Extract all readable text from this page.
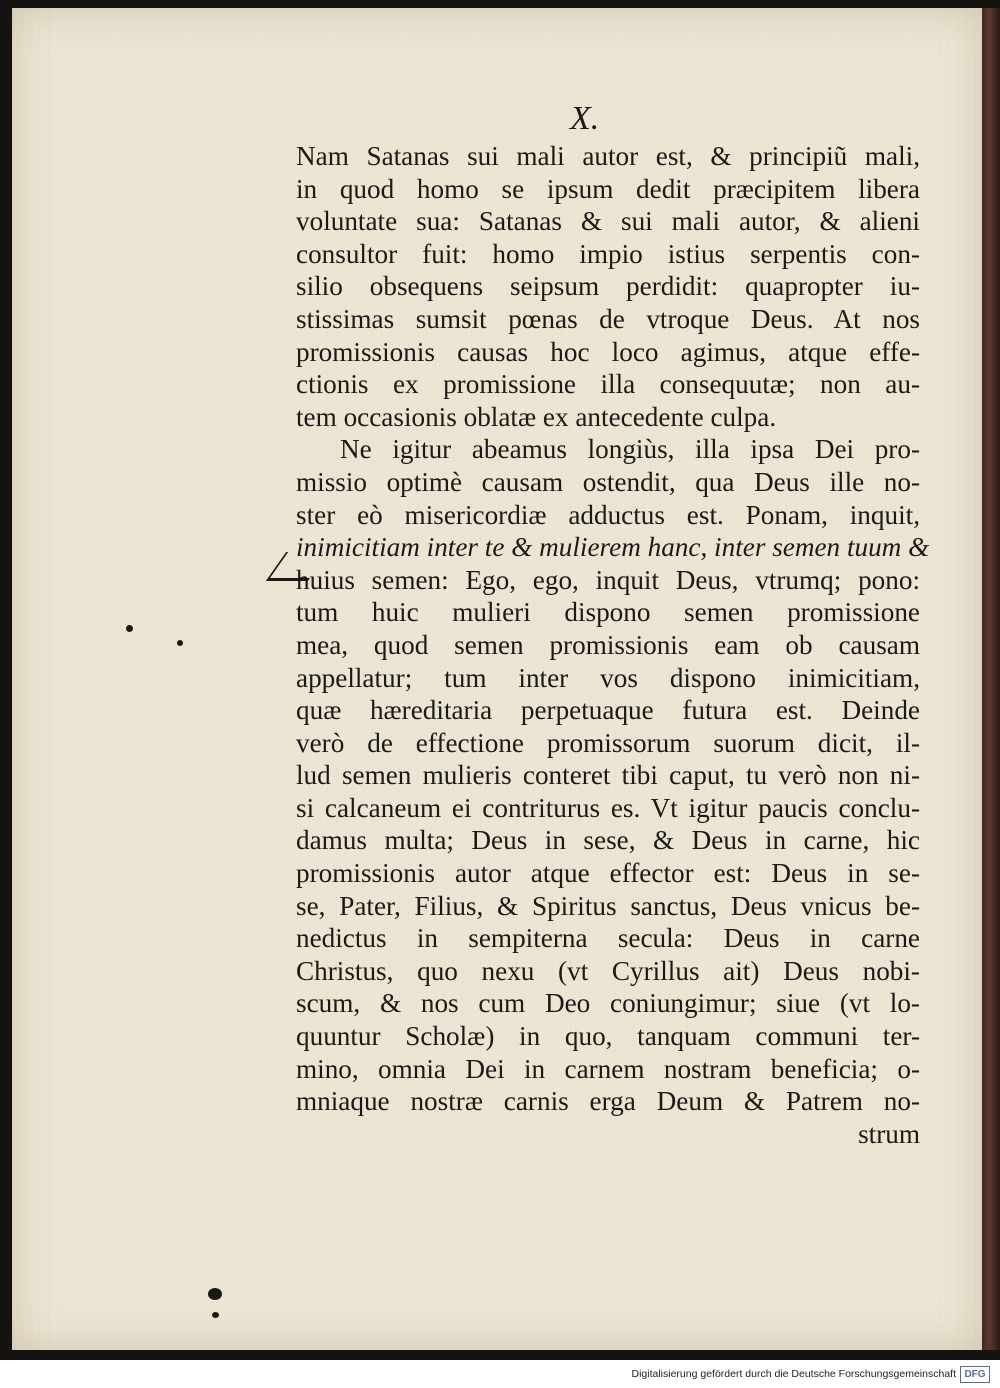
X.
Nam Satanas sui mali autor est, & principiũ mali,
in quod homo se ipsum dedit præcipitem libera
voluntate sua: Satanas & sui mali autor, & alieni
consultor fuit: homo impio istius serpentis con-
silio obsequens seipsum perdidit: quapropter iu-
stissimas sumsit pœnas de vtroque Deus. At nos
promissionis causas hoc loco agimus, atque effe-
ctionis ex promissione illa consequutæ; non au-
tem occasionis oblatæ ex antecedente culpa.
Ne igitur abeamus longiùs, illa ipsa Dei pro-
missio optimè causam ostendit, qua Deus ille no-
ster eò misericordiæ adductus est. Ponam, inquit,
inimicitiam inter te & mulierem hanc, inter semen tuum &
huius semen: Ego, ego, inquit Deus, vtrumq; pono:
tum huic mulieri dispono semen promissione
mea, quod semen promissionis eam ob causam
appellatur; tum inter vos dispono inimicitiam,
quæ hæreditaria perpetuaque futura est. Deinde
verò de effectione promissorum suorum dicit, il-
lud semen mulieris conteret tibi caput, tu verò non ni-
si calcaneum ei contriturus es. Vt igitur paucis conclu-
damus multa; Deus in sese, & Deus in carne, hic
promissionis autor atque effector est: Deus in se-
se, Pater, Filius, & Spiritus sanctus, Deus vnicus be-
nedictus in sempiterna secula: Deus in carne
Christus, quo nexu (vt Cyrillus ait) Deus nobi-
scum, & nos cum Deo coniungimur; siue (vt lo-
quuntur Scholæ) in quo, tanquam communi ter-
mino, omnia Dei in carnem nostram beneficia; o-
mniaque nostræ carnis erga Deum & Patrem no-
strum
Digitalisierung gefördert durch die Deutsche Forschungsgemeinschaft DFG
